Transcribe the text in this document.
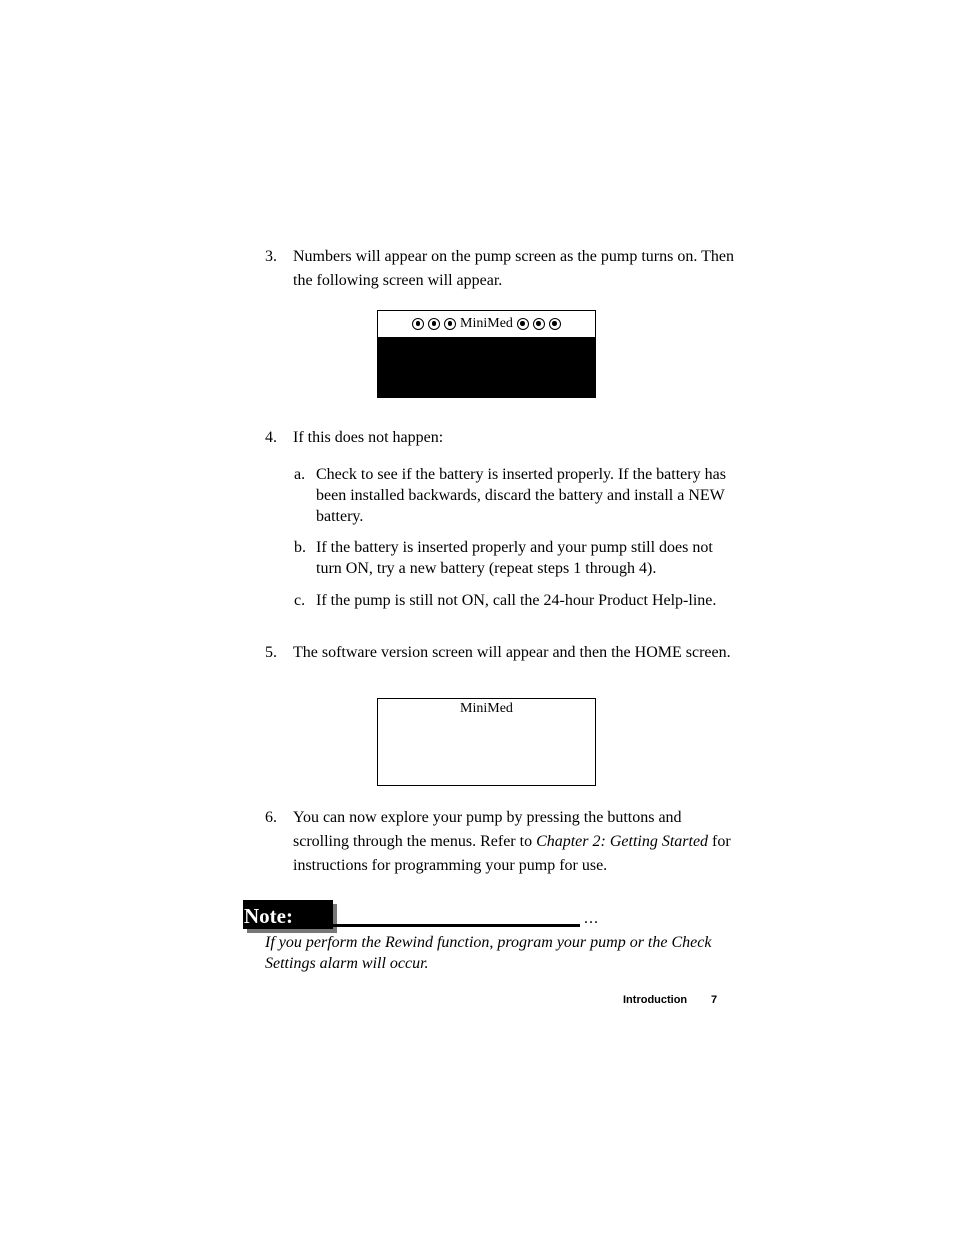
3.	Numbers will appear on the pump screen as the pump turns on. Then the following screen will appear.
MiniMed
4.	If this does not happen:
a. Check to see if the battery is inserted properly. If the battery has been installed backwards, discard the battery and install a NEW battery.
b. If the battery is inserted properly and your pump still does not turn ON, try a new battery (repeat steps 1 through 4).
c. If the pump is still not ON, call the 24-hour Product Help-line.
5.	The software version screen will appear and then the HOME screen.
MiniMed
6.	You can now explore your pump by pressing the buttons and scrolling through the menus. Refer to Chapter 2: Getting Started for instructions for programming your pump for use.
Note:	...
If you perform the Rewind function, program your pump or the Check Settings alarm will occur.
Introduction 7
